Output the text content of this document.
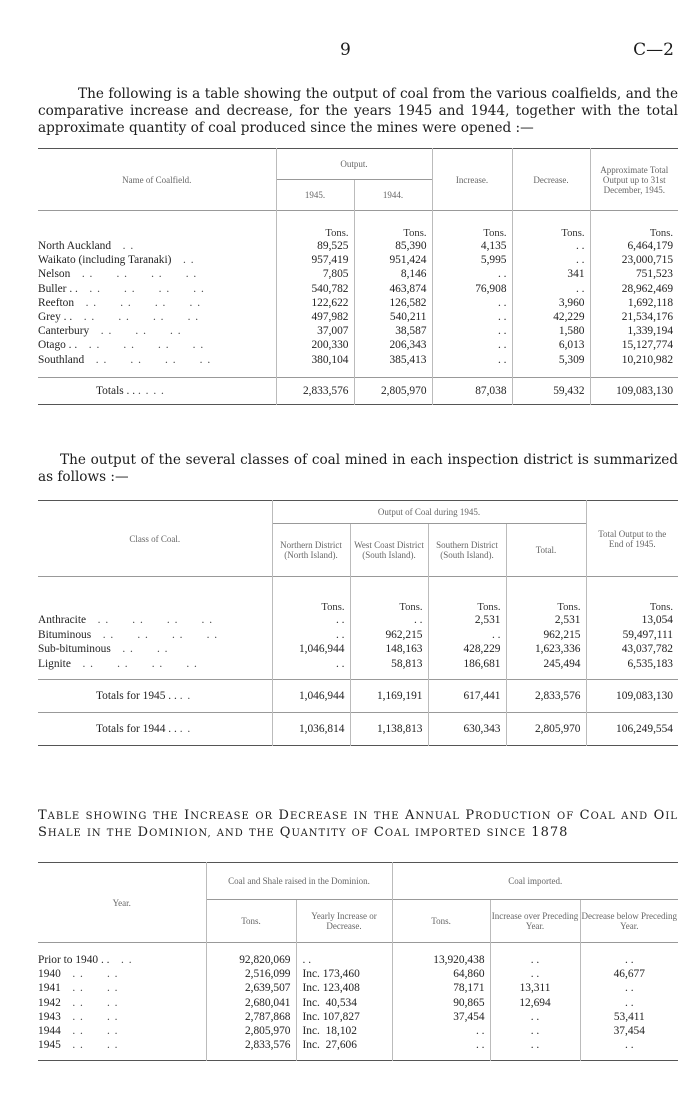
9	C—2

The following is a table showing the output of coal from the various coalfields, and the comparative increase and decrease, for the years 1945 and 1944, together with the total approximate quantity of coal produced since the mines were opened :—

Name of Coalfield.	Output.		Increase.	Decrease.	Approximate Total Output up to 31st December, 1945.
	1945.	1944.			
	Tons.	Tons.	Tons.	Tons.	Tons.
North Auckland   . .	89,525	85,390	4,135	. .	6,464,179
Waikato (including Taranaki)   . .	957,419	951,424	5,995	. .	23,000,715
Nelson   . .      . .      . .      . .	7,805	8,146	. .	341	751,523
Buller . .   . .      . .      . .      . .	540,782	463,874	76,908	. .	28,962,469
Reefton   . .      . .      . .      . .	122,622	126,582	. .	3,960	1,692,118
Grey . .   . .      . .      . .      . .	497,982	540,211	. .	42,229	21,534,176
Canterbury   . .      . .      . .	37,007	38,587	. .	1,580	1,339,194
Otago . .   . .      . .      . .      . .	200,330	206,343	. .	6,013	15,127,774
Southland   . .      . .      . .      . .	380,104	385,413	. .	5,309	10,210,982

Totals . . . . . .	2,833,576	2,805,970	87,038	59,432	109,083,130

The output of the several classes of coal mined in each inspection district is summarized as follows :—

Class of Coal.	Output of Coal during 1945.				Total Output to the End of 1945.
	Northern District (North Island).	West Coast District (South Island).	Southern District (South Island).	Total.	
	Tons.	Tons.	Tons.	Tons.	Tons.
Anthracite   . .      . .      . .      . .	. .	. .	2,531	2,531	13,054
Bituminous   . .      . .      . .      . .	. .	962,215	. .	962,215	59,497,111
Sub-bituminous   . .      . .	1,046,944	148,163	428,229	1,623,336	43,037,782
Lignite   . .      . .      . .      . .	. .	58,813	186,681	245,494	6,535,183

Totals for 1945 . . . .	1,046,944	1,169,191	617,441	2,833,576	109,083,130
Totals for 1944 . . . .	1,036,814	1,138,813	630,343	2,805,970	106,249,554

TABLE SHOWING THE INCREASE OR DECREASE IN THE ANNUAL PRODUCTION OF COAL AND OIL SHALE IN THE DOMINION, AND THE QUANTITY OF COAL IMPORTED SINCE 1878

Year.	Coal and Shale raised in the Dominion.		Coal imported.		
	Tons.	Yearly Increase or Decrease.	Tons.	Increase over Preceding Year.	Decrease below Preceding Year.

Prior to 1940 . .   . .	92,820,069	. .	13,920,438	. .	. .
1940   . .      . .	2,516,099	Inc. 173,460	64,860	. .	46,677
1941   . .      . .	2,639,507	Inc. 123,408	78,171	13,311	. .
1942   . .      . .	2,680,041	Inc.  40,534	90,865	12,694	. .
1943   . .      . .	2,787,868	Inc. 107,827	37,454	. .	53,411
1944   . .      . .	2,805,970	Inc.  18,102	. .	. .	37,454
1945   . .      . .	2,833,576	Inc.  27,606	. .	. .	. .
